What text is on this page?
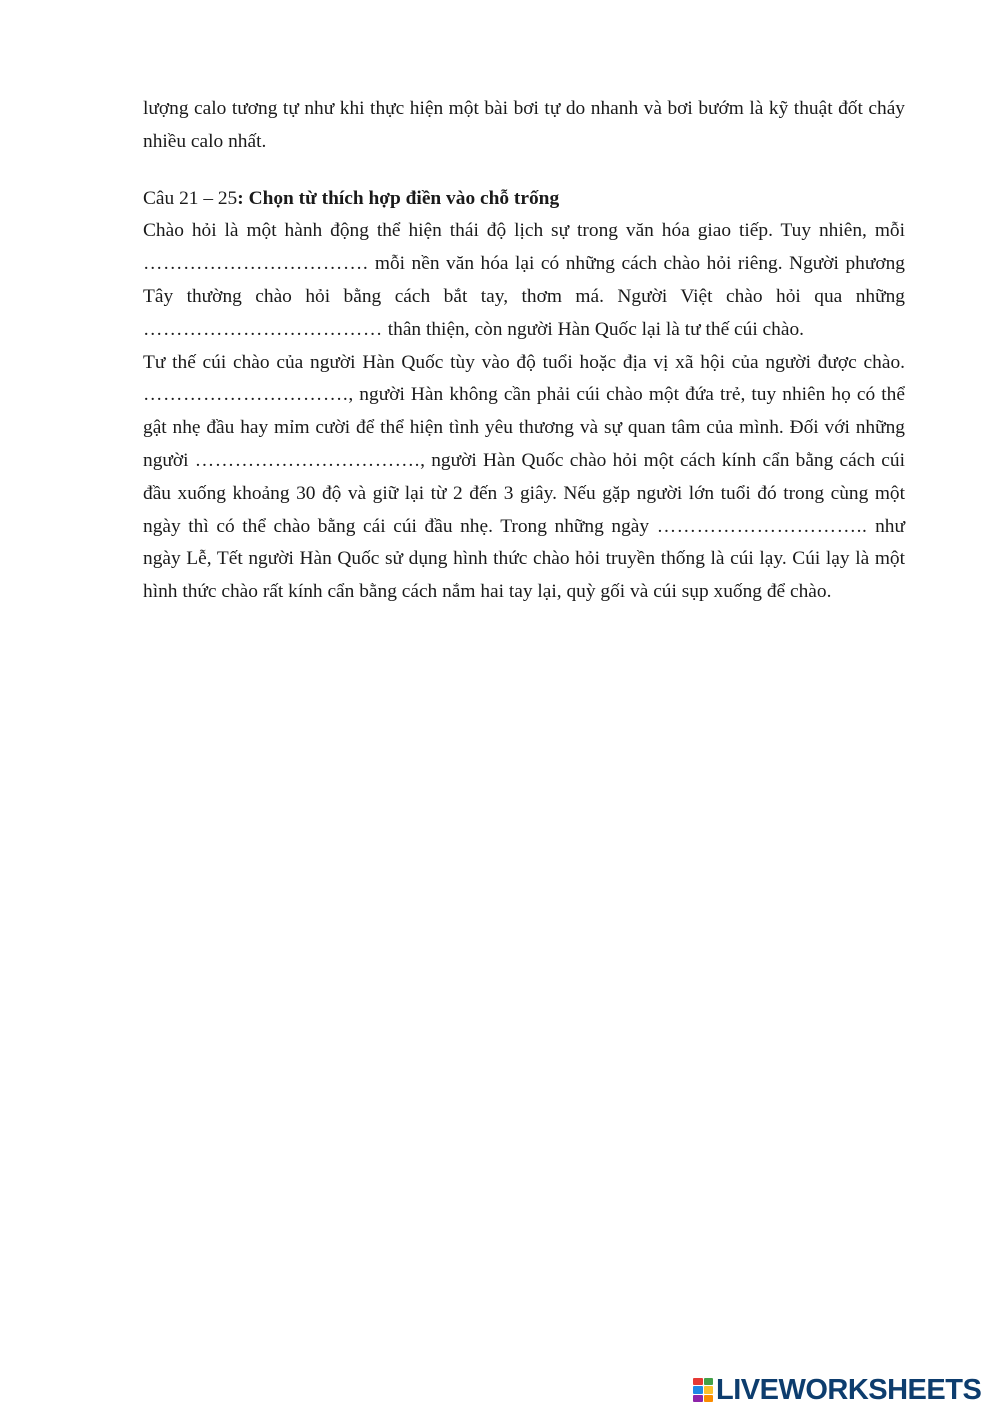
lượng calo tương tự như khi thực hiện một bài bơi tự do nhanh và bơi bướm là kỹ thuật đốt cháy nhiều calo nhất.

Câu 21 – 25: Chọn từ thích hợp điền vào chỗ trống

Chào hỏi là một hành động thể hiện thái độ lịch sự trong văn hóa giao tiếp. Tuy nhiên, mỗi ……………………………. mỗi nền văn hóa lại có những cách chào hỏi riêng. Người phương Tây thường chào hỏi bằng cách bắt tay, thơm má. Người Việt chào hỏi qua những ……………………………… thân thiện, còn người Hàn Quốc lại là tư thế cúi chào.

Tư thế cúi chào của người Hàn Quốc tùy vào độ tuổi hoặc địa vị xã hội của người được chào. …………………………., người Hàn không cần phải cúi chào một đứa trẻ, tuy nhiên họ có thể gật nhẹ đầu hay mỉm cười để thể hiện tình yêu thương và sự quan tâm của mình. Đối với những người ……………………………., người Hàn Quốc chào hỏi một cách kính cẩn bằng cách cúi đầu xuống khoảng 30 độ và giữ lại từ 2 đến 3 giây. Nếu gặp người lớn tuổi đó trong cùng một ngày thì có thể chào bằng cái cúi đầu nhẹ. Trong những ngày ………………………….. như ngày Lễ, Tết người Hàn Quốc sử dụng hình thức chào hỏi truyền thống là cúi lạy. Cúi lạy là một hình thức chào rất kính cẩn bằng cách nắm hai tay lại, quỳ gối và cúi sụp xuống để chào.

LIVEWORKSHEETS
